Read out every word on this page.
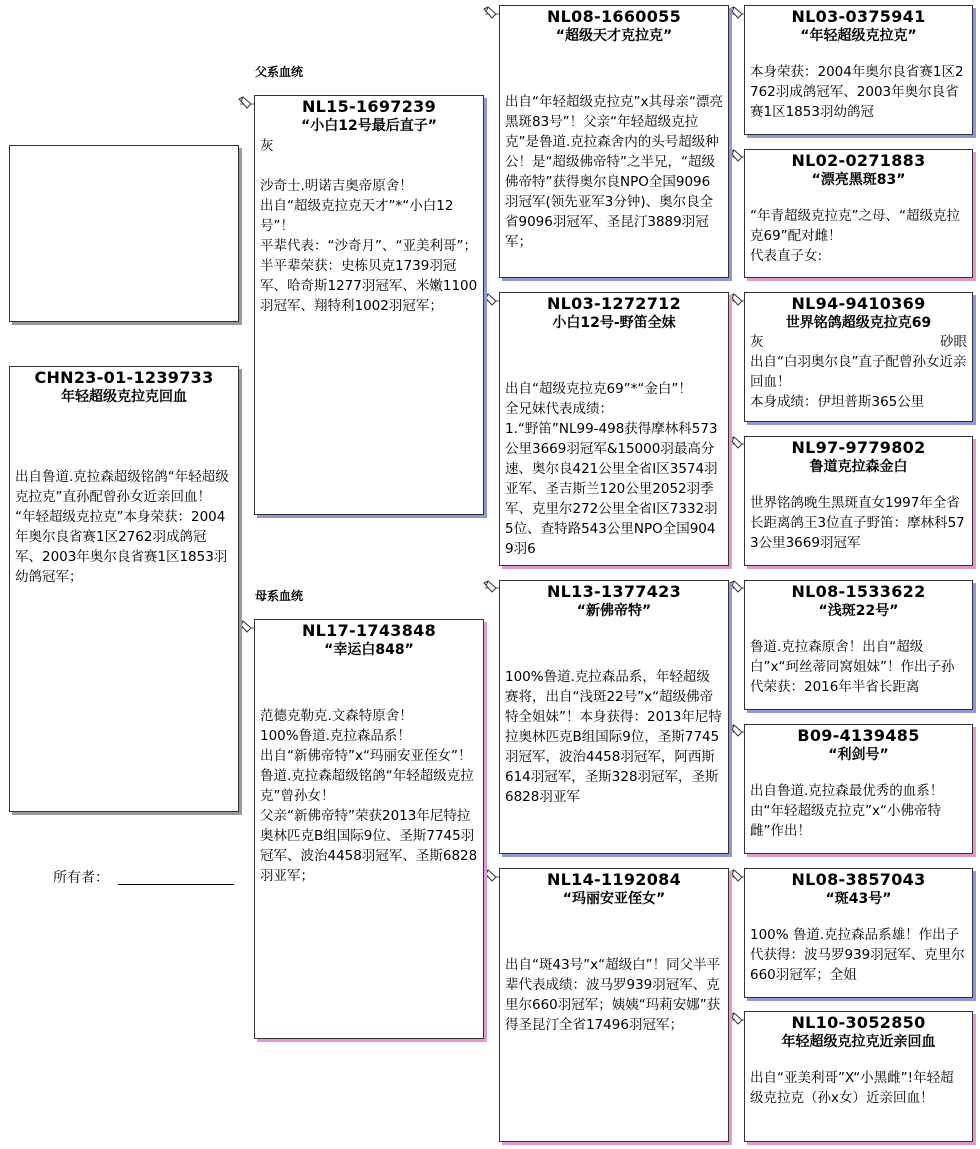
父系血统
母系血统
CHN23-01-1239733
年轻超级克拉克回血
出自鲁道.克拉森超级铭鸽“年轻超级克拉克”直孙配曾孙女近亲回血！
“年轻超级克拉克”本身荣获：2004年奥尔良省赛1区2762羽成鸽冠军、2003年奥尔良省赛1区1853羽幼鸽冠军；
所有者：
NL15-1697239
“小白12号最后直子”
灰
沙奇士.明诺吉奥帝原舍！
出自“超级克拉克天才”*“小白12号”！
平辈代表：“沙奇月”、“亚美利哥”；
半平辈荣获：史栋贝克1739羽冠军、哈奇斯1277羽冠军、米嫩1100羽冠军、翔特利1002羽冠军；
NL17-1743848
“幸运白848”
范德克勒克.文森特原舍！
100%鲁道.克拉森品系！
出自“新佛帝特”x“玛丽安亚侄女”！
鲁道.克拉森超级铭鸽“年轻超级克拉克”曾孙女！
父亲“新佛帝特”荣获2013年尼特拉奥林匹克B组国际9位、圣斯7745羽冠军、波治4458羽冠军、圣斯6828羽亚军；
NL08-1660055
“超级天才克拉克”
出自“年轻超级克拉克”x其母亲“漂亮黑斑83号”！父亲“年轻超级克拉克”是鲁道.克拉森舍内的头号超级种公！是“超级佛帝特”之半兄，“超级佛帝特”获得奥尔良NPO全国9096羽冠军(领先亚军3分钟)、奥尔良全省9096羽冠军、圣昆汀3889羽冠军；
NL03-1272712
小白12号-野笛全妹
出自“超级克拉克69”*“金白”！
全兄妹代表成绩：
1.“野笛”NL99-498获得摩林科573公里3669羽冠军&15000羽最高分速、奥尔良421公里全省I区3574羽亚军、圣吉斯兰120公里2052羽季军、克里尔272公里全省I区7332羽5位、查特路543公里NPO全国9049羽6
NL13-1377423
“新佛帝特”
100%鲁道.克拉森品系，年轻超级赛将，出自“浅斑22号”x“超级佛帝特全姐妹”！本身获得：2013年尼特拉奥林匹克B组国际9位，圣斯7745羽冠军，波治4458羽冠军，阿西斯614羽冠军，圣斯328羽冠军，圣斯6828羽亚军
NL14-1192084
“玛丽安亚侄女”
出自“斑43号”x“超级白”！同父半平辈代表成绩：波马罗939羽冠军、克里尔660羽冠军；姨姨“玛莉安娜”获得圣昆汀全省17496羽冠军；
NL03-0375941
“年轻超级克拉克”
本身荣获：2004年奥尔良省赛1区2762羽成鸽冠军、2003年奥尔良省赛1区1853羽幼鸽冠
NL02-0271883
“漂亮黑斑83”
“年青超级克拉克”之母、“超级克拉克69”配对雌！
代表直子女:
NL94-9410369
世界铭鸽超级克拉克69
灰	砂眼
出自“白羽奥尔良”直子配曾孙女近亲回血！
本身成绩：伊坦普斯365公里
NL97-9779802
鲁道克拉森金白
世界铭鸽晚生黑斑直女1997年全省长距离鸽王3位直子野笛：摩林科573公里3669羽冠军
NL08-1533622
“浅斑22号”
鲁道.克拉森原舍！出自“超级白”x“珂丝蒂同窝姐妹”！作出子孙代荣获：2016年半省长距离
B09-4139485
“利剑号”
出自鲁道.克拉森最优秀的血系！由“年轻超级克拉克”x“小佛帝特雌”作出！
NL08-3857043
“斑43号”
100% 鲁道.克拉森品系雄！作出子代获得：波马罗939羽冠军、克里尔660羽冠军；全姐
NL10-3052850
年轻超级克拉克近亲回血
出自“亚美利哥”X“小黑雌”!年轻超级克拉克（孙x女）近亲回血！
